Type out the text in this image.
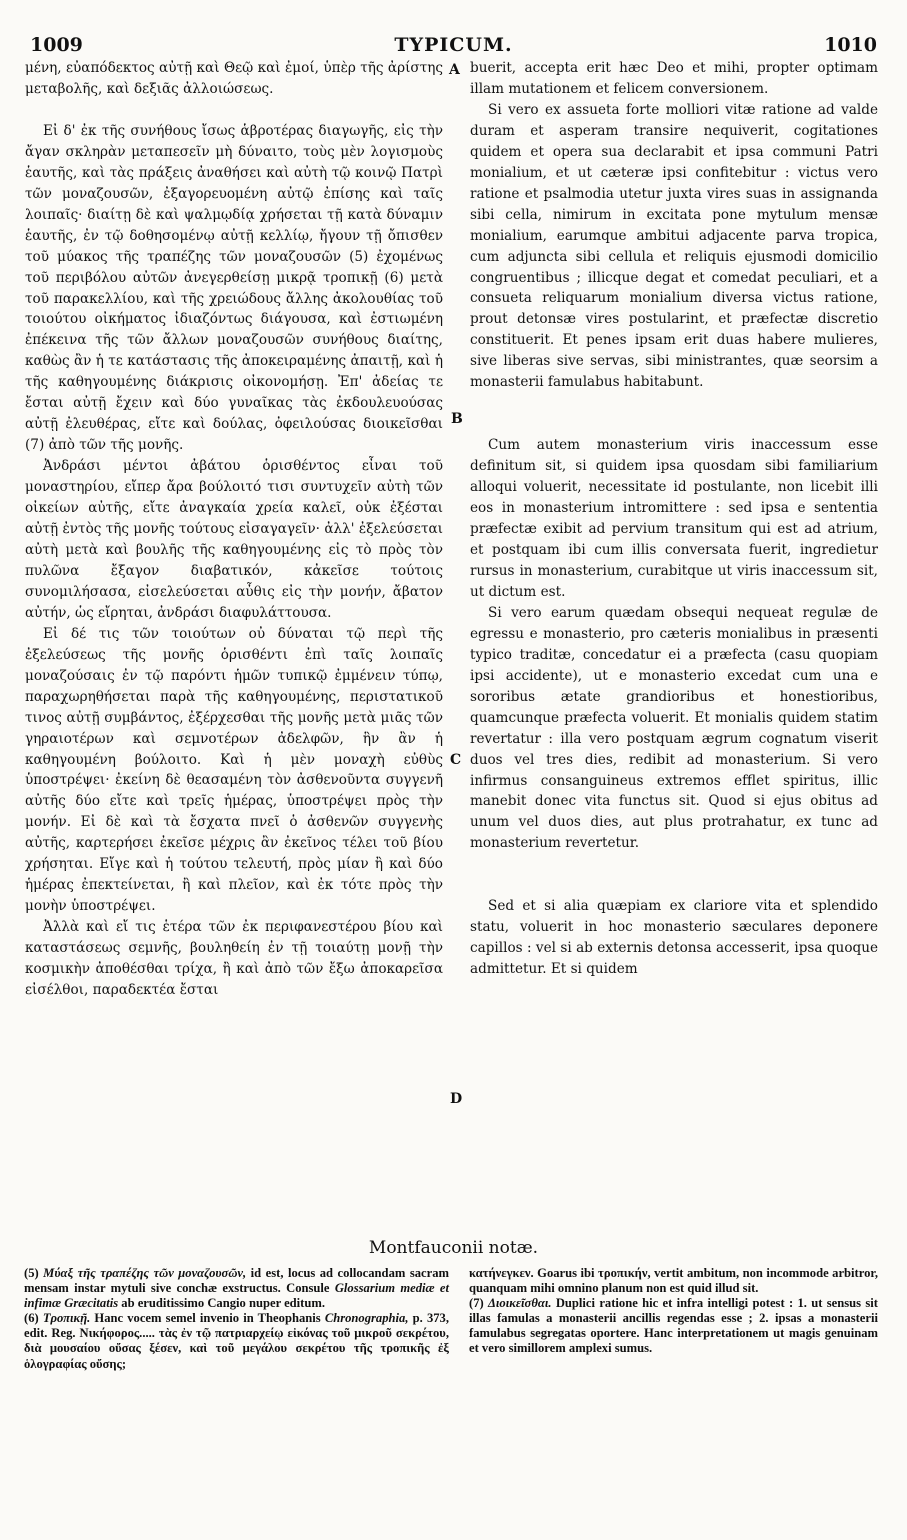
1009	TYPICUM.	1010
A
B
C
D

μένη, εὐαπόδεκτος αὐτῇ καὶ Θεῷ καὶ ἐμοί, ὑπὲρ τῆς ἀρίστης μεταβολῆς, καὶ δεξιᾶς ἀλλοιώσεως.

Εἰ δ' ἐκ τῆς συνήθους ἴσως ἁβροτέρας διαγωγῆς, εἰς τὴν ἄγαν σκληρὰν μεταπεσεῖν μὴ δύναιτο, τοὺς μὲν λογισμοὺς ἑαυτῆς, καὶ τὰς πράξεις ἀναθήσει καὶ αὐτὴ τῷ κοινῷ Πατρὶ τῶν μοναζουσῶν, ἐξαγορευομένη αὐτῷ ἐπίσης καὶ ταῖς λοιπαῖς· διαίτῃ δὲ καὶ ψαλμῳδίᾳ χρήσεται τῇ κατὰ δύναμιν ἑαυτῆς, ἐν τῷ δοθησομένῳ αὐτῇ κελλίῳ, ἤγουν τῇ ὄπισθεν τοῦ μύακος τῆς τραπέζης τῶν μοναζουσῶν (5) ἐχομένως τοῦ περιβόλου αὐτῶν ἀνεγερθείσῃ μικρᾷ τροπικῇ (6) μετὰ τοῦ παρακελλίου, καὶ τῆς χρειώδους ἄλλης ἀκολουθίας τοῦ τοιούτου οἰκήματος ἰδιαζόντως διάγουσα, καὶ ἐστιωμένη ἐπέκεινα τῆς τῶν ἄλλων μοναζουσῶν συνήθους διαίτης, καθὼς ἂν ἡ τε κατάστασις τῆς ἀποκειραμένης ἀπαιτῇ, καὶ ἡ τῆς καθηγουμένης διάκρισις οἰκονομήσῃ. Ἐπ' ἀδείας τε ἔσται αὐτῇ ἔχειν καὶ δύο γυναῖκας τὰς ἐκδουλευούσας αὐτῇ ἐλευθέρας, εἴτε καὶ δούλας, ὀφειλούσας διοικεῖσθαι (7) ἀπὸ τῶν τῆς μονῆς.

Ἀνδράσι μέντοι ἀβάτου ὁρισθέντος εἶναι τοῦ μοναστηρίου, εἴπερ ἄρα βούλοιτό τισι συντυχεῖν αὐτὴ τῶν οἰκείων αὐτῆς, εἴτε ἀναγκαία χρεία καλεῖ, οὐκ ἐξέσται αὐτῇ ἐντὸς τῆς μονῆς τούτους εἰσαγαγεῖν· ἀλλ' ἐξελεύσεται αὐτὴ μετὰ καὶ βουλῆς τῆς καθηγουμένης εἰς τὸ πρὸς τὸν πυλῶνα ἔξαγον διαβατικόν, κἀκεῖσε τούτοις συνομιλήσασα, εἰσελεύσεται αὖθις εἰς τὴν μονήν, ἄβατον αὐτήν, ὡς εἴρηται, ἀνδράσι διαφυλάττουσα.

Εἰ δέ τις τῶν τοιούτων οὐ δύναται τῷ περὶ τῆς ἐξελεύσεως τῆς μονῆς ὁρισθέντι ἐπὶ ταῖς λοιπαῖς μοναζούσαις ἐν τῷ παρόντι ἡμῶν τυπικῷ ἐμμένειν τύπῳ, παραχωρηθήσεται παρὰ τῆς καθηγουμένης, περιστατικοῦ τινος αὐτῇ συμβάντος, ἐξέρχεσθαι τῆς μονῆς μετὰ μιᾶς τῶν γηραιοτέρων καὶ σεμνοτέρων ἀδελφῶν, ἣν ἂν ἡ καθηγουμένη βούλοιτο. Καὶ ἡ μὲν μοναχὴ εὐθὺς ὑποστρέψει· ἐκείνη δὲ θεασαμένη τὸν ἀσθενοῦντα συγγενῆ αὐτῆς δύο εἴτε καὶ τρεῖς ἡμέρας, ὑποστρέψει πρὸς τὴν μονήν. Εἰ δὲ καὶ τὰ ἔσχατα πνεῖ ὁ ἀσθενῶν συγγενὴς αὐτῆς, καρτερήσει ἐκεῖσε μέχρις ἂν ἐκεῖνος τέλει τοῦ βίου χρήσηται. Εἴγε καὶ ἡ τούτου τελευτή, πρὸς μίαν ἢ καὶ δύο ἡμέρας ἐπεκτείνεται, ἢ καὶ πλεῖον, καὶ ἐκ τότε πρὸς τὴν μονὴν ὑποστρέψει.

Ἀλλὰ καὶ εἴ τις ἑτέρα τῶν ἐκ περιφανεστέρου βίου καὶ καταστάσεως σεμνῆς, βουληθείη ἐν τῇ τοιαύτῃ μονῇ τὴν κοσμικὴν ἀποθέσθαι τρίχα, ἢ καὶ ἀπὸ τῶν ἔξω ἀποκαρεῖσα εἰσέλθοι, παραδεκτέα ἔσται

buerit, accepta erit hæc Deo et mihi, propter optimam illam mutationem et felicem conversionem.

Si vero ex assueta forte molliori vitæ ratione ad valde duram et asperam transire nequiverit, cogitationes quidem et opera sua declarabit et ipsa communi Patri monialium, et ut cæteræ ipsi confitebitur : victus vero ratione et psalmodia utetur juxta vires suas in assignanda sibi cella, nimirum in excitata pone mytulum mensæ monialium, earumque ambitui adjacente parva tropica, cum adjuncta sibi cellula et reliquis ejusmodi domicilio congruentibus ; illicque degat et comedat peculiari, et a consueta reliquarum monialium diversa victus ratione, prout detonsæ vires postularint, et præfectæ discretio constituerit. Et penes ipsam erit duas habere mulieres, sive liberas sive servas, sibi ministrantes, quæ seorsim a monasterii famulabus habitabunt.

Cum autem monasterium viris inaccessum esse definitum sit, si quidem ipsa quosdam sibi familiarium alloqui voluerit, necessitate id postulante, non licebit illi eos in monasterium intromittere : sed ipsa e sententia præfectæ exibit ad pervium transitum qui est ad atrium, et postquam ibi cum illis conversata fuerit, ingredietur rursus in monasterium, curabitque ut viris inaccessum sit, ut dictum est.

Si vero earum quædam obsequi nequeat regulæ de egressu e monasterio, pro cæteris monialibus in præsenti typico traditæ, concedatur ei a præfecta (casu quopiam ipsi accidente), ut e monasterio excedat cum una e sororibus ætate grandioribus et honestioribus, quamcunque præfecta voluerit. Et monialis quidem statim revertatur : illa vero postquam ægrum cognatum viserit duos vel tres dies, redibit ad monasterium. Si vero infirmus consanguineus extremos efflet spiritus, illic manebit donec vita functus sit. Quod si ejus obitus ad unum vel duos dies, aut plus protrahatur, ex tunc ad monasterium revertetur.

Sed et si alia quæpiam ex clariore vita et splendido statu, voluerit in hoc monasterio sæculares deponere capillos : vel si ab externis detonsa accesserit, ipsa quoque admittetur. Et si quidem

Montfauconii notæ.

(5) Μύαξ τῆς τραπέζης τῶν μοναζουσῶν, id est, locus ad collocandam sacram mensam instar mytuli sive conchæ exstructus. Consule Glossarium mediæ et infimæ Græcitatis ab eruditissimo Cangio nuper editum.

(6) Τροπικῇ. Hanc vocem semel invenio in Theophanis Chronographia, p. 373, edit. Reg. Νικήφορος..... τὰς ἐν τῷ πατριαρχείῳ εἰκόνας τοῦ μικροῦ σεκρέτου, διὰ μουσαίου οὔσας ξέσεν, καὶ τοῦ μεγάλου σεκρέτου τῆς τροπικῆς ἐξ ὁλογραφίας οὔσης;

κατήνεγκεν. Goarus ibi τροπικήν, vertit ambitum, non incommode arbitror, quanquam mihi omnino planum non est quid illud sit.

(7) Διοικεῖσθαι. Duplici ratione hic et infra intelligi potest : 1. ut sensus sit illas famulas a monasterii ancillis regendas esse ; 2. ipsas a monasterii famulabus segregatas oportere. Hanc interpretationem ut magis genuinam et vero simillorem amplexi sumus.
